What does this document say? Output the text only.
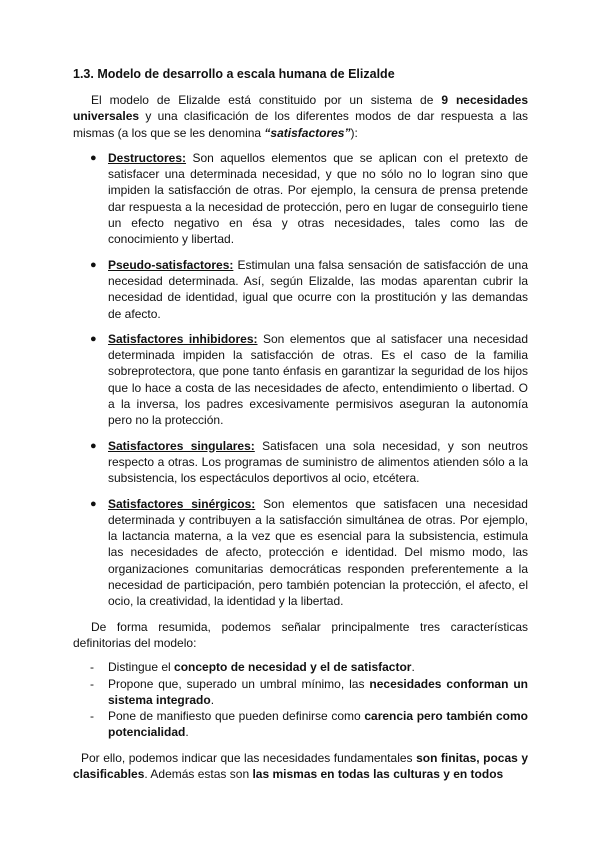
1.3. Modelo de desarrollo a escala humana de Elizalde

El modelo de Elizalde está constituido por un sistema de 9 necesidades universales y una clasificación de los diferentes modos de dar respuesta a las mismas (a los que se les denomina “satisfactores”):

● Destructores: Son aquellos elementos que se aplican con el pretexto de satisfacer una determinada necesidad, y que no sólo no lo logran sino que impiden la satisfacción de otras. Por ejemplo, la censura de prensa pretende dar respuesta a la necesidad de protección, pero en lugar de conseguirlo tiene un efecto negativo en ésa y otras necesidades, tales como las de conocimiento y libertad.
● Pseudo-satisfactores: Estimulan una falsa sensación de satisfacción de una necesidad determinada. Así, según Elizalde, las modas aparentan cubrir la necesidad de identidad, igual que ocurre con la prostitución y las demandas de afecto.
● Satisfactores inhibidores: Son elementos que al satisfacer una necesidad determinada impiden la satisfacción de otras. Es el caso de la familia sobreprotectora, que pone tanto énfasis en garantizar la seguridad de los hijos que lo hace a costa de las necesidades de afecto, entendimiento o libertad. O a la inversa, los padres excesivamente permisivos aseguran la autonomía pero no la protección.
● Satisfactores singulares: Satisfacen una sola necesidad, y son neutros respecto a otras. Los programas de suministro de alimentos atienden sólo a la subsistencia, los espectáculos deportivos al ocio, etcétera.
● Satisfactores sinérgicos: Son elementos que satisfacen una necesidad determinada y contribuyen a la satisfacción simultánea de otras. Por ejemplo, la lactancia materna, a la vez que es esencial para la subsistencia, estimula las necesidades de afecto, protección e identidad. Del mismo modo, las organizaciones comunitarias democráticas responden preferentemente a la necesidad de participación, pero también potencian la protección, el afecto, el ocio, la creatividad, la identidad y la libertad.

De forma resumida, podemos señalar principalmente tres características definitorias del modelo:

- Distingue el concepto de necesidad y el de satisfactor.
- Propone que, superado un umbral mínimo, las necesidades conforman un sistema integrado.
- Pone de manifiesto que pueden definirse como carencia pero también como potencialidad.

Por ello, podemos indicar que las necesidades fundamentales son finitas, pocas y clasificables. Además estas son las mismas en todas las culturas y en todos
